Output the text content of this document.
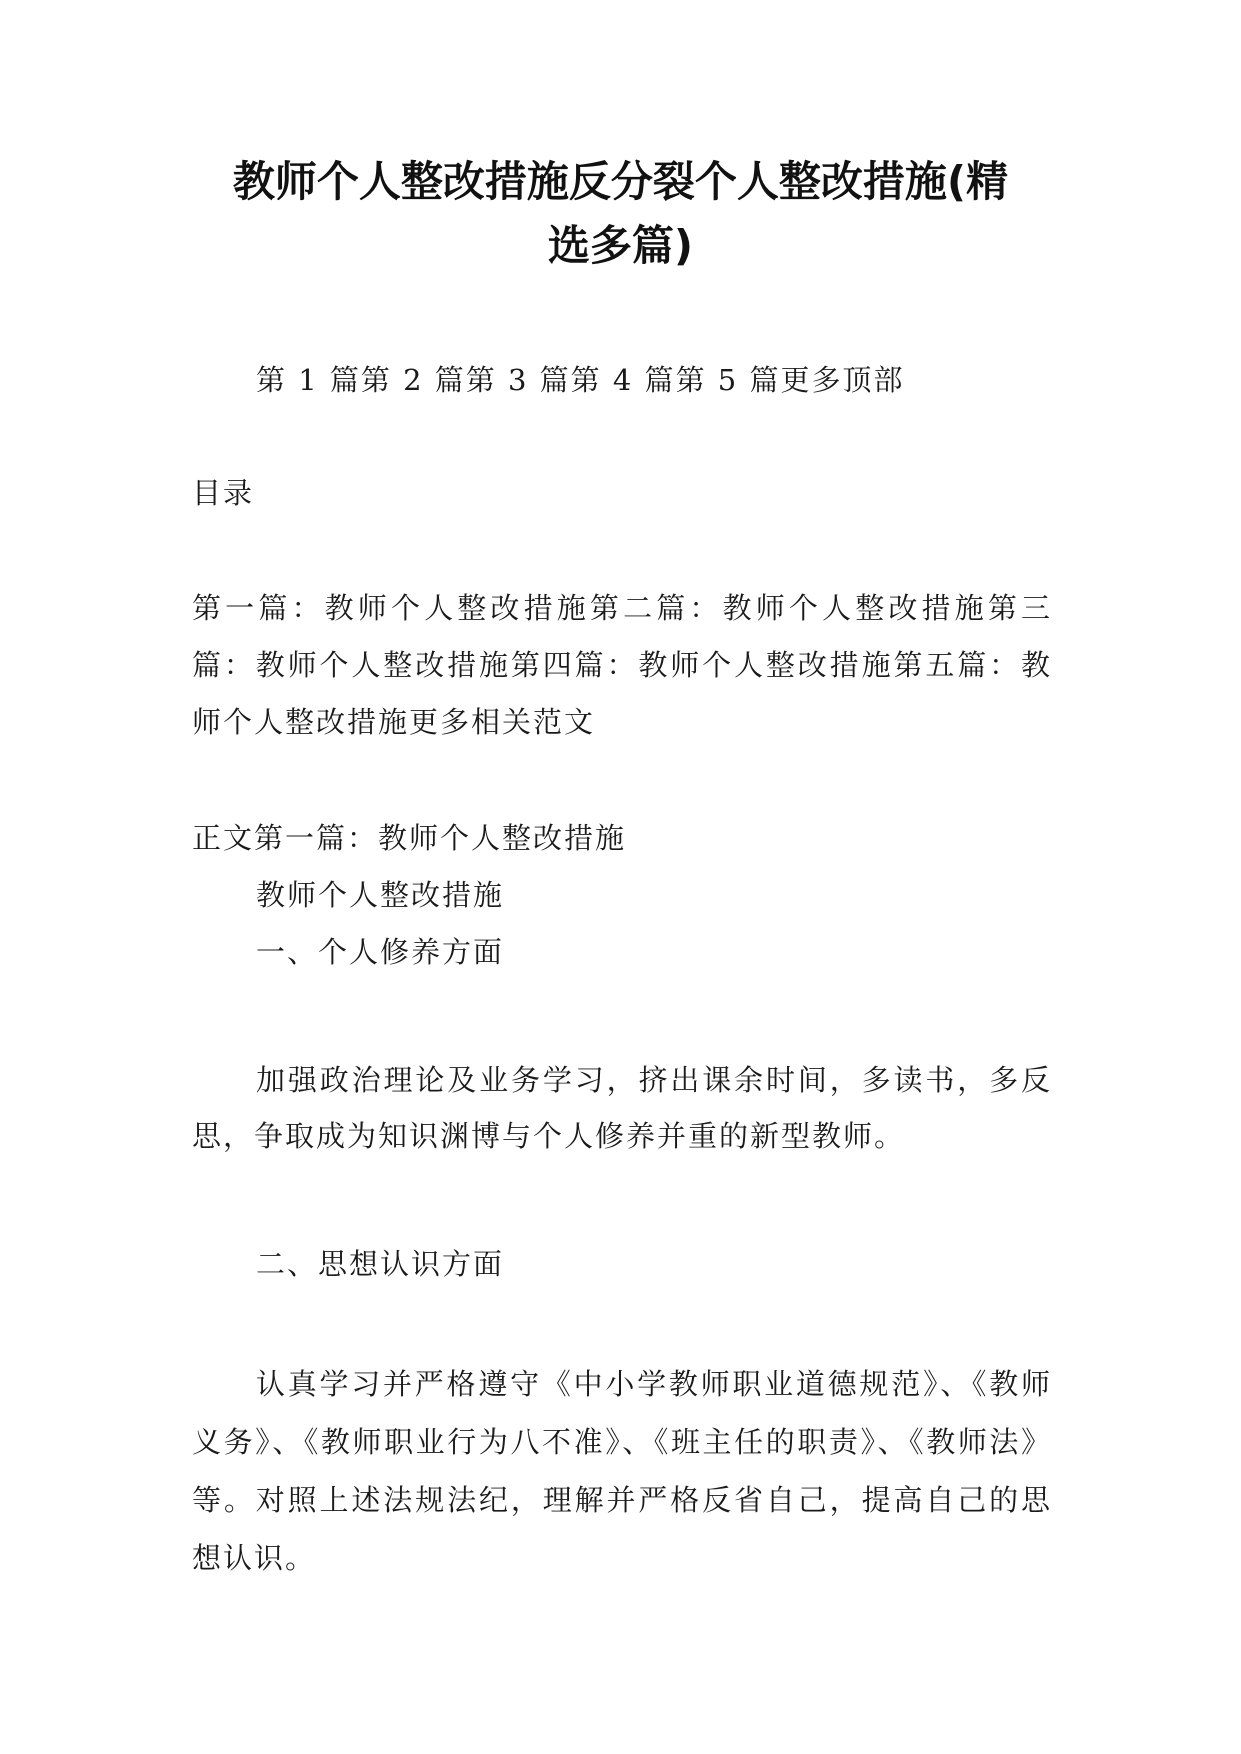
教师个人整改措施反分裂个人整改措施(精
选多篇)
第 1 篇第 2 篇第 3 篇第 4 篇第 5 篇更多顶部
目录
第一篇：教师个人整改措施第二篇：教师个人整改措施第三篇：教师个人整改措施第四篇：教师个人整改措施第五篇：教师个人整改措施更多相关范文
正文第一篇：教师个人整改措施
教师个人整改措施
一、个人修养方面
加强政治理论及业务学习，挤出课余时间，多读书，多反思，争取成为知识渊博与个人修养并重的新型教师。
二、思想认识方面
认真学习并严格遵守《中小学教师职业道德规范》、《教师义务》、《教师职业行为八不准》、《班主任的职责》、《教师法》等。对照上述法规法纪，理解并严格反省自己，提高自己的思想认识。
